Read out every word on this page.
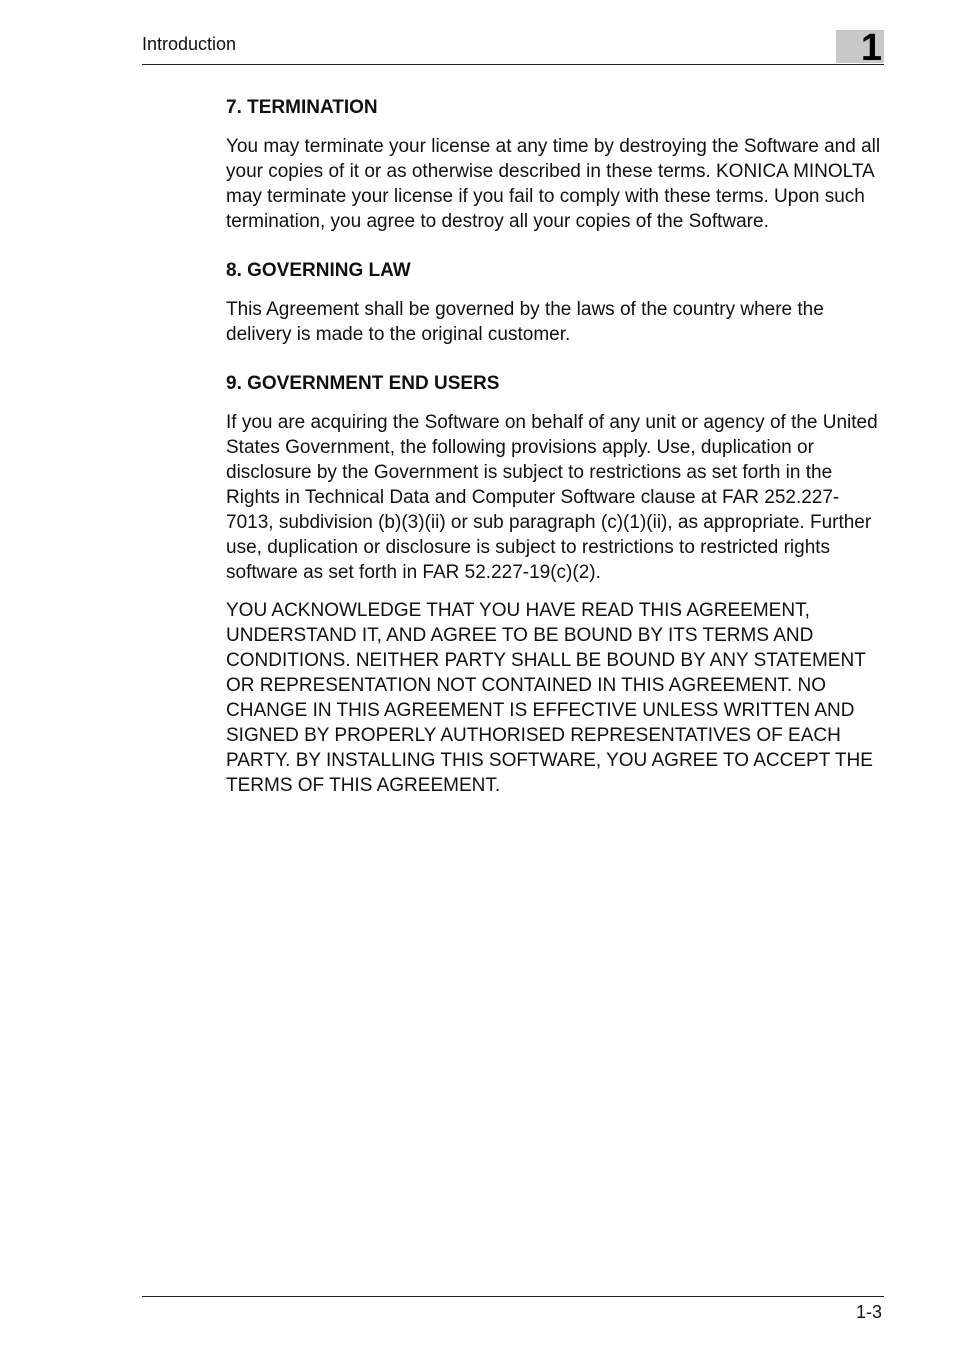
Introduction	1
7. TERMINATION

You may terminate your license at any time by destroying the Software and all your copies of it or as otherwise described in these terms. KONICA MINOLTA may terminate your license if you fail to comply with these terms. Upon such termination, you agree to destroy all your copies of the Software.

8. GOVERNING LAW

This Agreement shall be governed by the laws of the country where the delivery is made to the original customer.

9. GOVERNMENT END USERS

If you are acquiring the Software on behalf of any unit or agency of the United States Government, the following provisions apply. Use, duplication or disclosure by the Government is subject to restrictions as set forth in the Rights in Technical Data and Computer Software clause at FAR 252.227-7013, subdivision (b)(3)(ii) or sub paragraph (c)(1)(ii), as appropriate. Further use, duplication or disclosure is subject to restrictions to restricted rights software as set forth in FAR 52.227-19(c)(2).

YOU ACKNOWLEDGE THAT YOU HAVE READ THIS AGREEMENT, UNDERSTAND IT, AND AGREE TO BE BOUND BY ITS TERMS AND CONDITIONS. NEITHER PARTY SHALL BE BOUND BY ANY STATEMENT OR REPRESENTATION NOT CONTAINED IN THIS AGREEMENT. NO CHANGE IN THIS AGREEMENT IS EFFECTIVE UNLESS WRITTEN AND SIGNED BY PROPERLY AUTHORISED REPRESENTATIVES OF EACH PARTY. BY INSTALLING THIS SOFTWARE, YOU AGREE TO ACCEPT THE TERMS OF THIS AGREEMENT.

1-3
